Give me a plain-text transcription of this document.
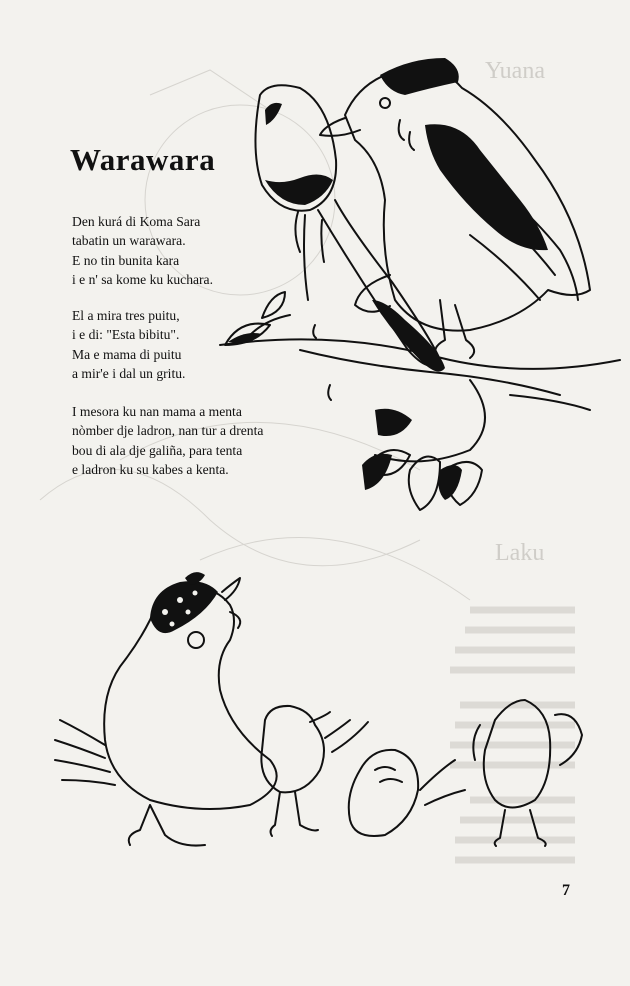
Yuana
Laku
Warawara

Den kurá di Koma Sara
tabatin un warawara.
E no tin bunita kara
i e n' sa kome ku kuchara.

El a mira tres puitu,
i e di: "Esta bibitu".
Ma e mama di puitu
a mir'e i dal un gritu.

I mesora ku nan mama a menta
nòmber dje ladron, nan tur a drenta
bou di ala dje galiña, para tenta
e ladron ku su kabes a kenta.

7
